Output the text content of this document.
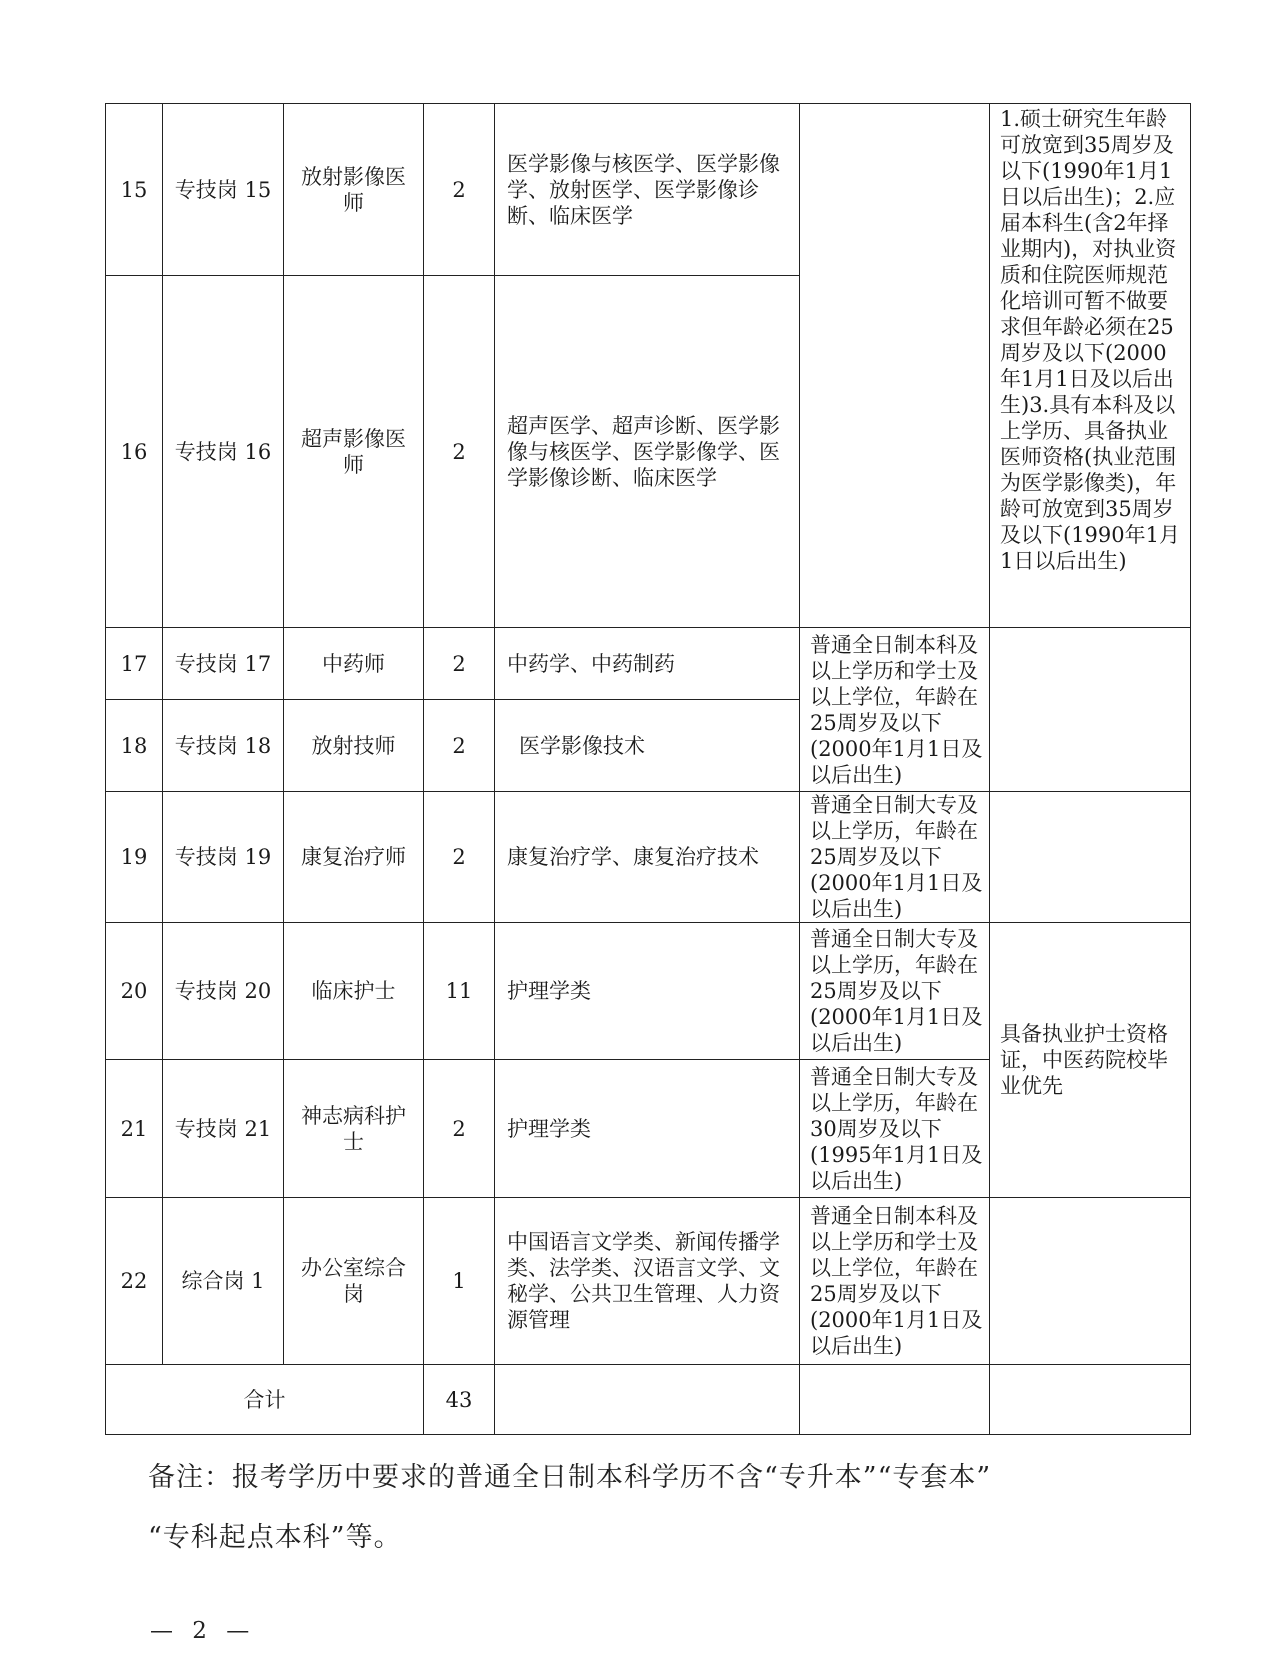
15	专技岗 15	放射影像医师	2	医学影像与核医学、医学影像学、放射医学、医学影像诊断、临床医学		1.硕士研究生年龄可放宽到35周岁及以下(1990年1月1日以后出生)；2.应届本科生(含2年择业期内)，对执业资质和住院医师规范化培训可暂不做要求但年龄必须在25周岁及以下(2000年1月1日及以后出生)3.具有本科及以上学历、具备执业医师资格(执业范围为医学影像类)，年龄可放宽到35周岁及以下(1990年1月1日以后出生)
16	专技岗 16	超声影像医师	2	超声医学、超声诊断、医学影像与核医学、医学影像学、医学影像诊断、临床医学		
17	专技岗 17	中药师	2	中药学、中药制药	普通全日制本科及以上学历和学士及以上学位，年龄在25周岁及以下(2000年1月1日及以后出生)	
18	专技岗 18	放射技师	2	医学影像技术		
19	专技岗 19	康复治疗师	2	康复治疗学、康复治疗技术	普通全日制大专及以上学历，年龄在25周岁及以下(2000年1月1日及以后出生)	
20	专技岗 20	临床护士	11	护理学类	普通全日制大专及以上学历，年龄在25周岁及以下(2000年1月1日及以后出生)	具备执业护士资格证，中医药院校毕业优先
21	专技岗 21	神志病科护士	2	护理学类	普通全日制大专及以上学历，年龄在30周岁及以下(1995年1月1日及以后出生)	
22	综合岗 1	办公室综合岗	1	中国语言文学类、新闻传播学类、法学类、汉语言文学、文秘学、公共卫生管理、人力资源管理	普通全日制本科及以上学历和学士及以上学位，年龄在25周岁及以下(2000年1月1日及以后出生)	
合计			43			
备注：报考学历中要求的普通全日制本科学历不含“专升本”“专套本”
“专科起点本科”等。
— 2 —
